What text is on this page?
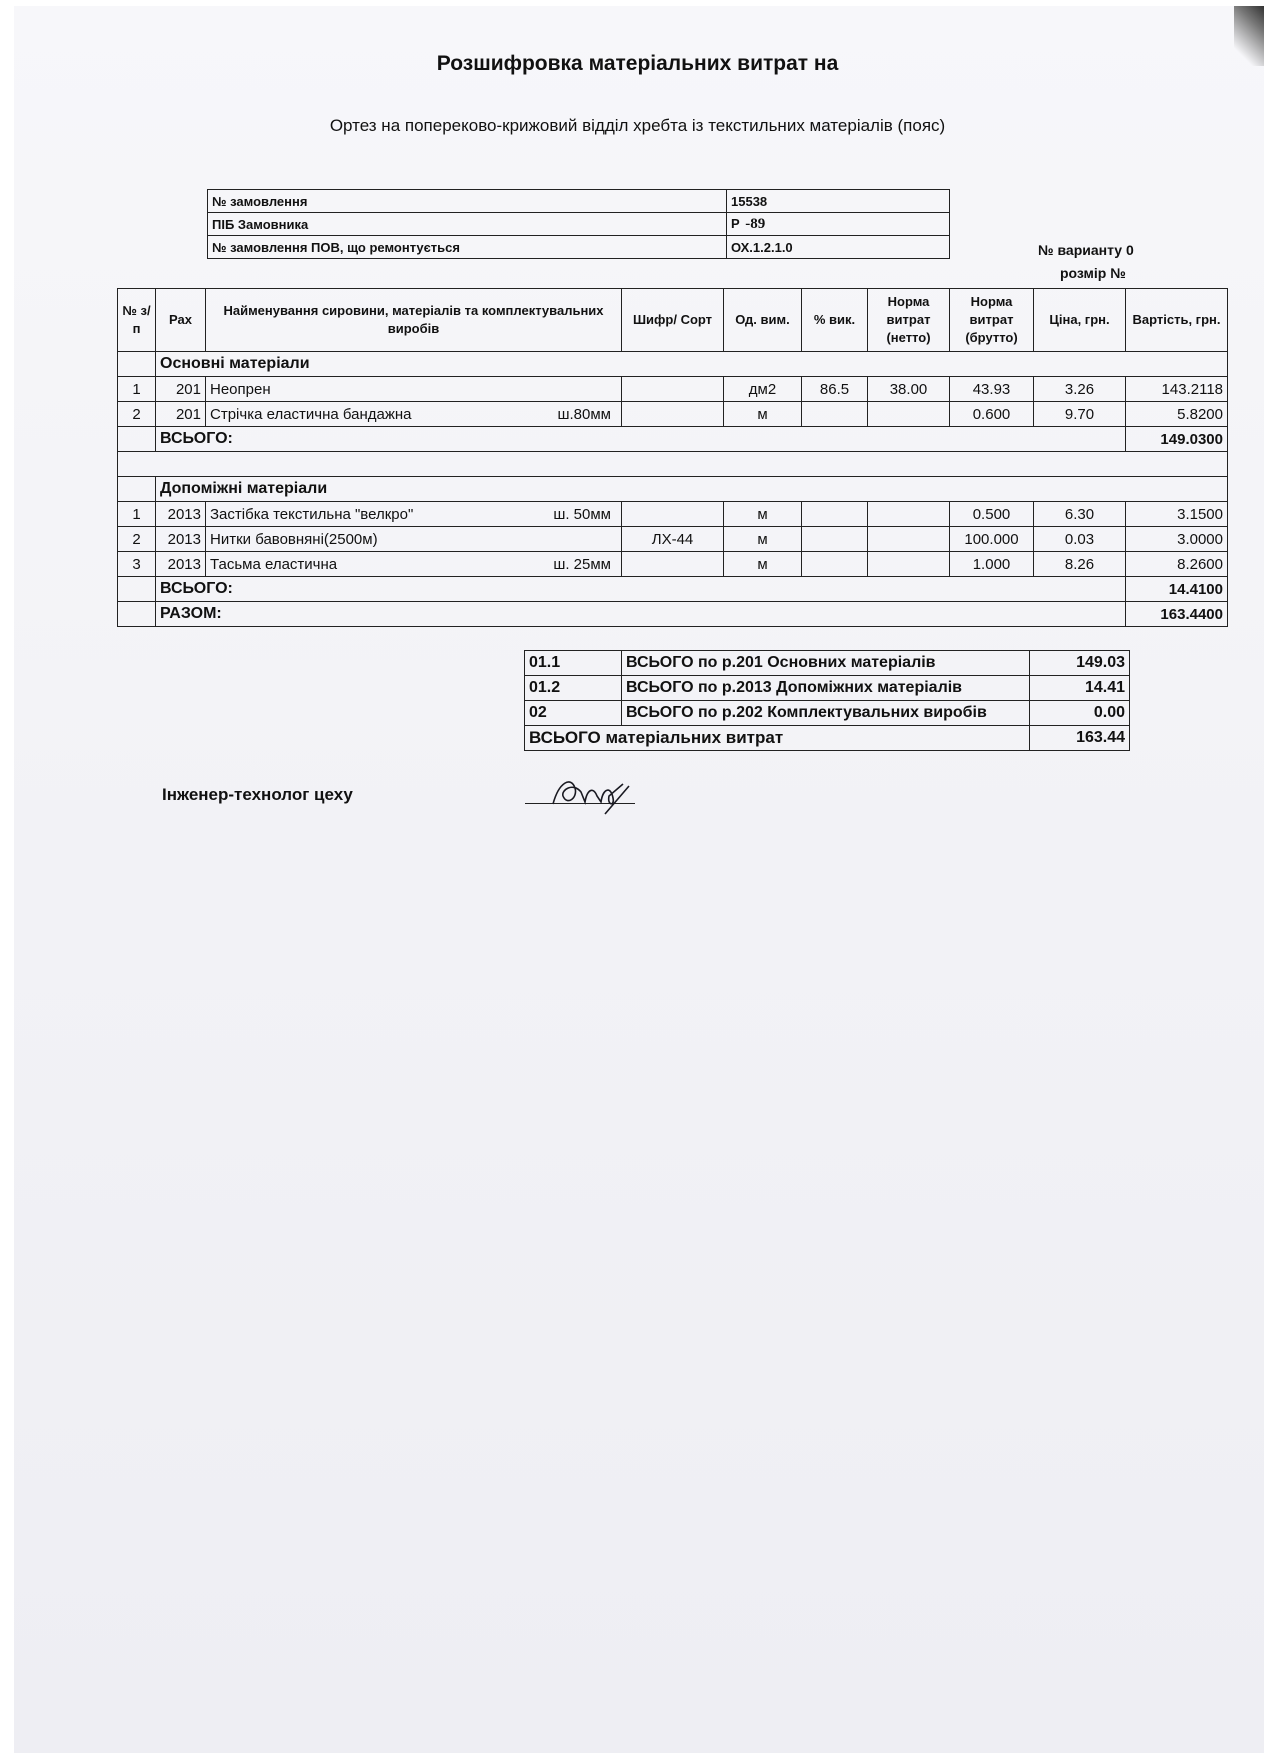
Розшифровка матеріальних витрат на
Ортез на попереково-крижовий відділ хребта із текстильних матеріалів (пояс)
№ замовлення	15538
ПІБ Замовника	Р -89
№ замовлення ПОВ, що ремонтується	ОХ.1.2.1.0	№ варианту 0
розмір №
№ з/п	Рах	Найменування сировини, матеріалів та комплектувальних виробів	Шифр/ Сорт	Од. вим.	% вик.	Норма витрат (нетто)	Норма витрат (брутто)	Ціна, грн.	Вартість, грн.
	Основні матеріали								
1	201	Неопрен		дм2	86.5	38.00	43.93	3.26	143.2118
2	201	Стрічка еластична бандажна ш.80мм		м			0.600	9.70	5.8200
	ВСЬОГО:								149.0300

	Допоміжні матеріали								
1	2013	Застібка текстильна "велкро" ш. 50мм		м			0.500	6.30	3.1500
2	2013	Нитки бавовняні(2500м)	ЛХ-44	м			100.000	0.03	3.0000
3	2013	Тасьма еластична ш. 25мм		м			1.000	8.26	8.2600
	ВСЬОГО:								14.4100
	РАЗОМ:								163.4400
01.1	ВСЬОГО по р.201 Основних матеріалів	149.03
01.2	ВСЬОГО по р.2013 Допоміжних матеріалів	14.41
02	ВСЬОГО по р.202 Комплектувальних виробів	0.00
ВСЬОГО матеріальних витрат		163.44
Інженер-технолог цеху
